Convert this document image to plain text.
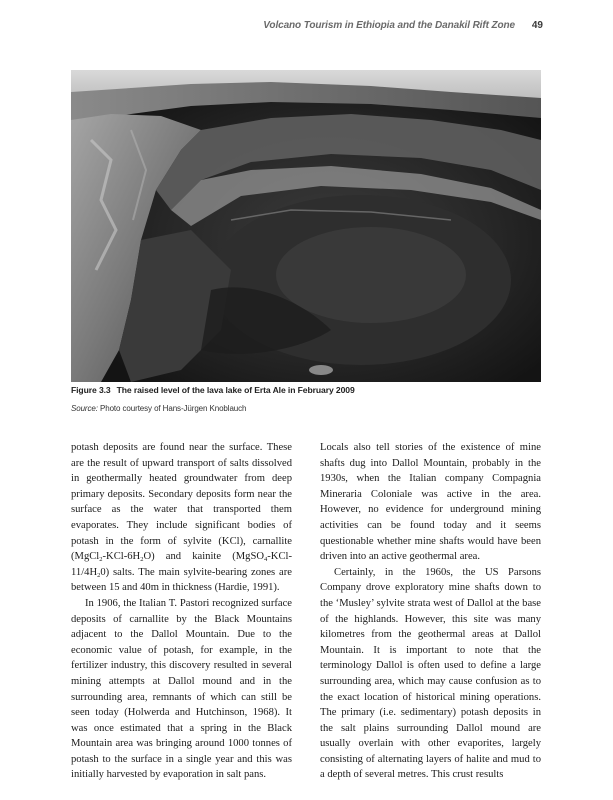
Volcano Tourism in Ethiopia and the Danakil Rift Zone 49
Figure 3.3 The raised level of the lava lake of Erta Ale in February 2009
Source: Photo courtesy of Hans-Jürgen Knoblauch

potash deposits are found near the surface. These are the result of upward transport of salts dissolved in geothermally heated groundwater from deep primary deposits. Secondary deposits form near the surface as the water that transported them evaporates. They include significant bodies of potash in the form of sylvite (KCl), carnallite $(MgCl_2-KCl-6H_2O)$ and kainite $(MgSO_4-KCl-11/4H_20)$ salts. The main sylvite-bearing zones are between 15 and 40m in thickness (Hardie, 1991).

In 1906, the Italian T. Pastori recognized surface deposits of carnallite by the Black Mountains adjacent to the Dallol Mountain. Due to the economic value of potash, for example, in the fertilizer industry, this discovery resulted in several mining attempts at Dallol mound and in the surrounding area, remnants of which can still be seen today (Holwerda and Hutchinson, 1968). It was once estimated that a spring in the Black Mountain area was bringing around 1000 tonnes of potash to the surface in a single year and this was initially harvested by evaporation in salt pans.

Locals also tell stories of the existence of mine shafts dug into Dallol Mountain, probably in the 1930s, when the Italian company Compagnia Mineraria Coloniale was active in the area. However, no evidence for underground mining activities can be found today and it seems questionable whether mine shafts would have been driven into an active geothermal area.

Certainly, in the 1960s, the US Parsons Company drove exploratory mine shafts down to the ‘Musley’ sylvite strata west of Dallol at the base of the highlands. However, this site was many kilometres from the geothermal areas at Dallol Mountain. It is important to note that the terminology Dallol is often used to define a large surrounding area, which may cause confusion as to the exact location of historical mining operations. The primary (i.e. sedimentary) potash deposits in the salt plains surrounding Dallol mound are usually overlain with other evaporites, largely consisting of alternating layers of halite and mud to a depth of several metres. This crust results
